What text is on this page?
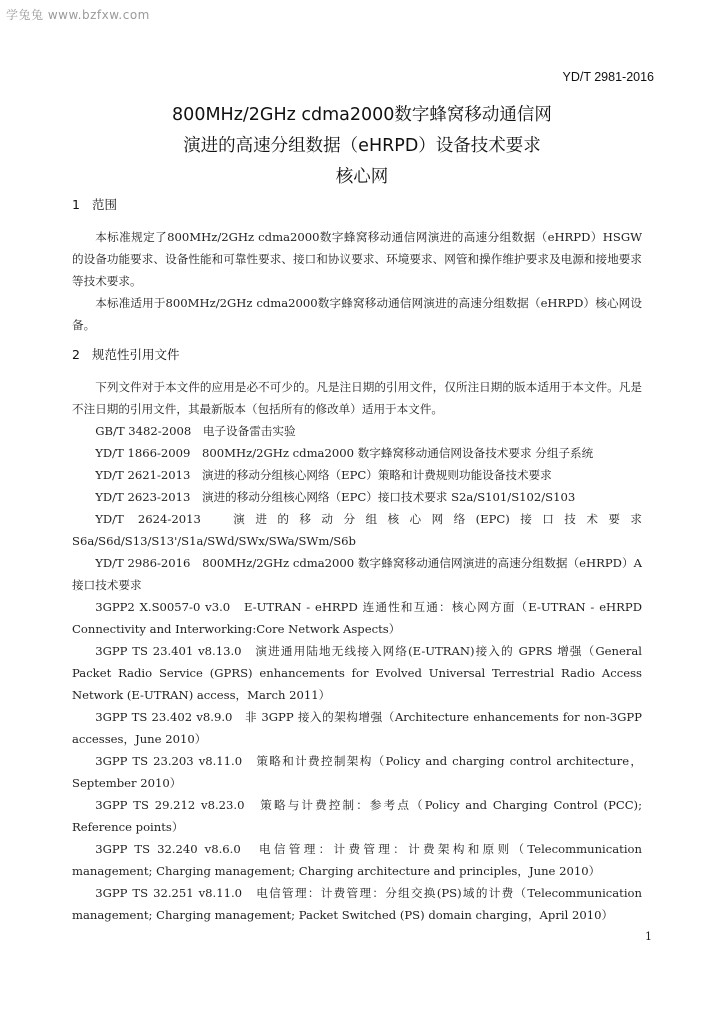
学兔兔 www.bzfxw.com
YD/T 2981-2016
800MHz/2GHz cdma2000数字蜂窝移动通信网
演进的高速分组数据（eHRPD）设备技术要求
核心网
1 范围

本标准规定了800MHz/2GHz cdma2000数字蜂窝移动通信网演进的高速分组数据（eHRPD）HSGW的设备功能要求、设备性能和可靠性要求、接口和协议要求、环境要求、网管和操作维护要求及电源和接地要求等技术要求。

本标准适用于800MHz/2GHz cdma2000数字蜂窝移动通信网演进的高速分组数据（eHRPD）核心网设备。

2 规范性引用文件

下列文件对于本文件的应用是必不可少的。凡是注日期的引用文件，仅所注日期的版本适用于本文件。凡是不注日期的引用文件，其最新版本（包括所有的修改单）适用于本文件。

GB/T 3482-2008　电子设备雷击实验

YD/T 1866-2009　800MHz/2GHz cdma2000 数字蜂窝移动通信网设备技术要求 分组子系统

YD/T 2621-2013　演进的移动分组核心网络（EPC）策略和计费规则功能设备技术要求

YD/T 2623-2013　演进的移动分组核心网络（EPC）接口技术要求 S2a/S101/S102/S103

YD/T 2624-2013　演进的移动分组核心网络(EPC)接口技术要求 S6a/S6d/S13/S13'/S1a/SWd/SWx/SWa/SWm/S6b

YD/T 2986-2016　800MHz/2GHz cdma2000 数字蜂窝移动通信网演进的高速分组数据（eHRPD）A接口技术要求

3GPP2 X.S0057-0 v3.0　E-UTRAN - eHRPD 连通性和互通：核心网方面（E-UTRAN - eHRPD Connectivity and Interworking:Core Network Aspects）

3GPP TS 23.401 v8.13.0　演进通用陆地无线接入网络(E-UTRAN)接入的 GPRS 增强（General Packet Radio Service (GPRS) enhancements for Evolved Universal Terrestrial Radio Access Network (E-UTRAN) access，March 2011）

3GPP TS 23.402 v8.9.0　非 3GPP 接入的架构增强（Architecture enhancements for non-3GPP accesses，June 2010）

3GPP TS 23.203 v8.11.0　策略和计费控制架构（Policy and charging control architecture，September 2010）

3GPP TS 29.212 v8.23.0　策略与计费控制：参考点（Policy and Charging Control (PCC); Reference points）

3GPP TS 32.240 v8.6.0　电信管理：计费管理：计费架构和原则（Telecommunication management; Charging management; Charging architecture and principles，June 2010）

3GPP TS 32.251 v8.11.0　电信管理：计费管理：分组交换(PS)域的计费（Telecommunication management; Charging management; Packet Switched (PS) domain charging，April 2010）

1
